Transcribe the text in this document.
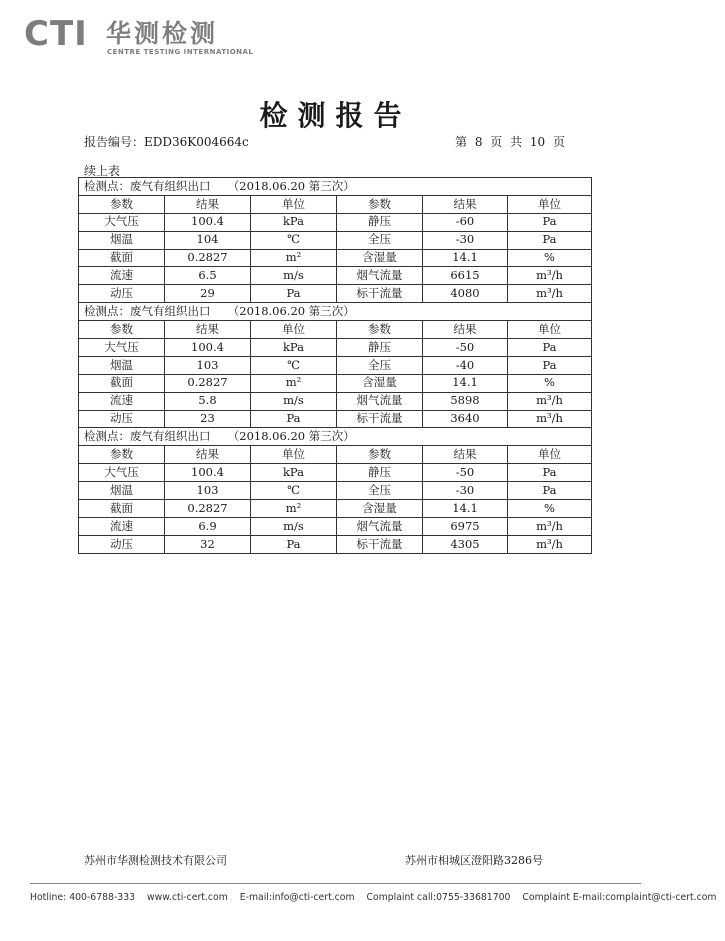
CTI 华测检测
CENTRE TESTING INTERNATIONAL
检测报告
报告编号：EDD36K004664c	第 8 页 共 10 页
续上表
检测点：废气有组织出口　　（2018.06.20 第三次）					
参数	结果	单位	参数	结果	单位
大气压	100.4	kPa	静压	-60	Pa
烟温	104	℃	全压	-30	Pa
截面	0.2827	m²	含湿量	14.1	%
流速	6.5	m/s	烟气流量	6615	m³/h
动压	29	Pa	标干流量	4080	m³/h
检测点：废气有组织出口　　（2018.06.20 第三次）					
参数	结果	单位	参数	结果	单位
大气压	100.4	kPa	静压	-50	Pa
烟温	103	℃	全压	-40	Pa
截面	0.2827	m²	含湿量	14.1	%
流速	5.8	m/s	烟气流量	5898	m³/h
动压	23	Pa	标干流量	3640	m³/h
检测点：废气有组织出口　　（2018.06.20 第三次）					
参数	结果	单位	参数	结果	单位
大气压	100.4	kPa	静压	-50	Pa
烟温	103	℃	全压	-30	Pa
截面	0.2827	m²	含湿量	14.1	%
流速	6.9	m/s	烟气流量	6975	m³/h
动压	32	Pa	标干流量	4305	m³/h
苏州市华测检测技术有限公司	苏州市相城区澄阳路3286号
Hotline: 400-6788-333 www.cti-cert.com E-mail:info@cti-cert.com Complaint call:0755-33681700 Complaint E-mail:complaint@cti-cert.com
